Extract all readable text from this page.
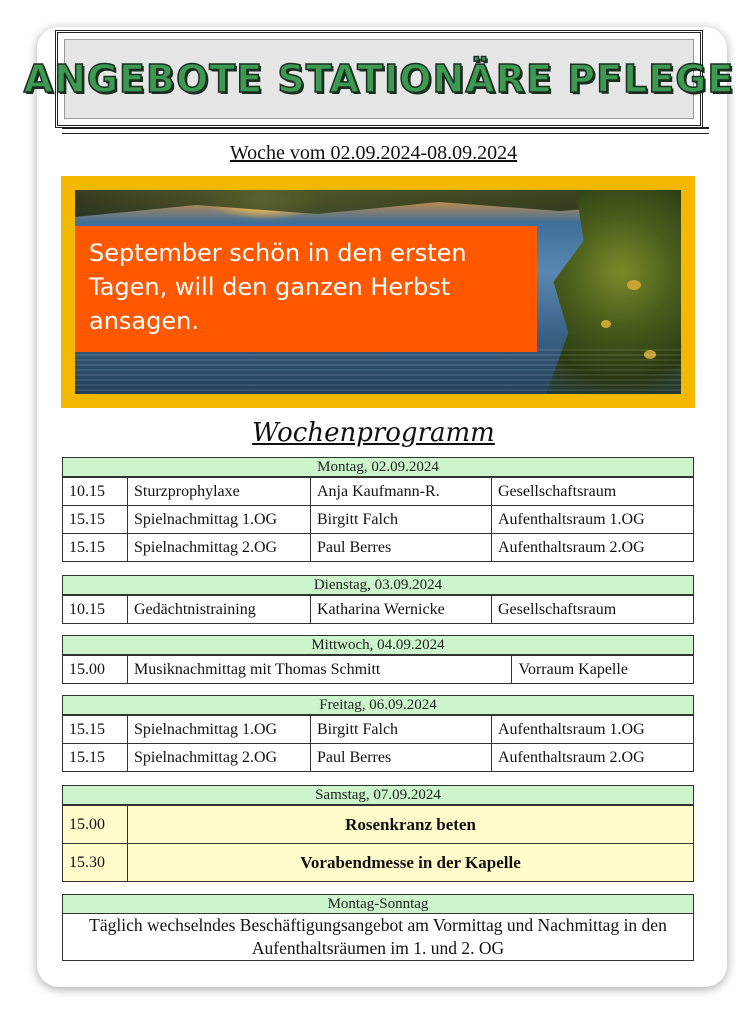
ANGEBOTE STATIONÄRE PFLEGE
Woche vom 02.09.2024-08.09.2024
September schön in den ersten Tagen, will den ganzen Herbst ansagen.
Wochenprogramm
Montag, 02.09.2024
10.15	Sturzprophylaxe	Anja Kaufmann-R.	Gesellschaftsraum
15.15	Spielnachmittag 1.OG	Birgitt Falch	Aufenthaltsraum 1.OG
15.15	Spielnachmittag 2.OG	Paul Berres	Aufenthaltsraum 2.OG
Dienstag, 03.09.2024
10.15	Gedächtnistraining	Katharina Wernicke	Gesellschaftsraum
Mittwoch, 04.09.2024
15.00	Musiknachmittag mit Thomas Schmitt	Vorraum Kapelle
Freitag, 06.09.2024
15.15	Spielnachmittag 1.OG	Birgitt Falch	Aufenthaltsraum 1.OG
15.15	Spielnachmittag 2.OG	Paul Berres	Aufenthaltsraum 2.OG
Samstag, 07.09.2024
15.00	Rosenkranz beten
15.30	Vorabendmesse in der Kapelle
Montag-Sonntag
Täglich wechselndes Beschäftigungsangebot am Vormittag und Nachmittag in den Aufenthaltsräumen im 1. und 2. OG
